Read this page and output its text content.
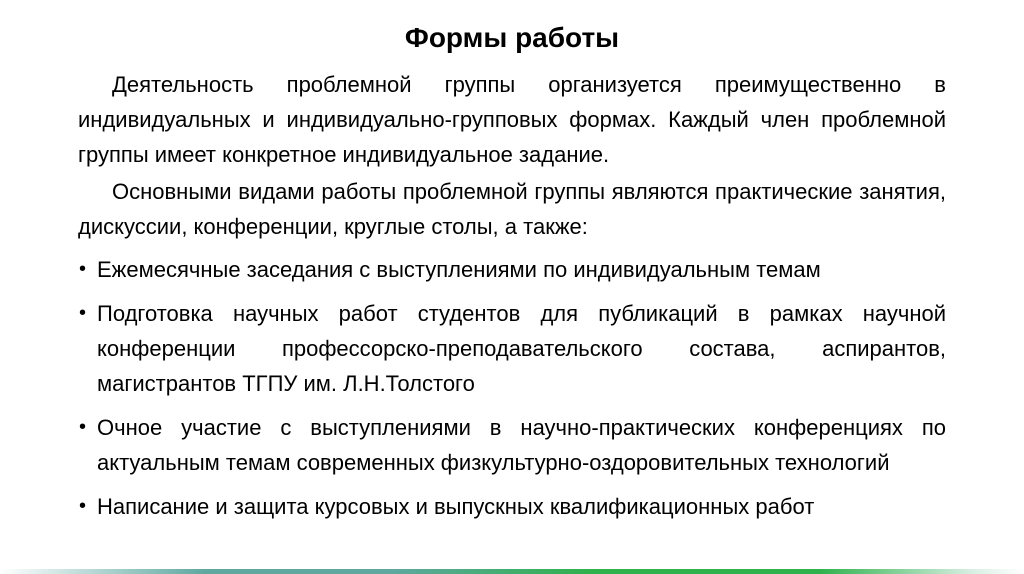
Формы работы

Деятельность проблемной группы организуется преимущественно в индивидуальных и индивидуально-групповых формах. Каждый член проблемной группы имеет конкретное индивидуальное задание.

Основными видами работы проблемной группы являются практические занятия, дискуссии, конференции, круглые столы, а также:

• Ежемесячные заседания с выступлениями по индивидуальным темам
• Подготовка научных работ студентов для публикаций в рамках научной конференции профессорско-преподавательского состава, аспирантов, магистрантов ТГПУ им. Л.Н.Толстого
• Очное участие с выступлениями в научно-практических конференциях по актуальным темам современных физкультурно-оздоровительных технологий
• Написание и защита курсовых и выпускных квалификационных работ
